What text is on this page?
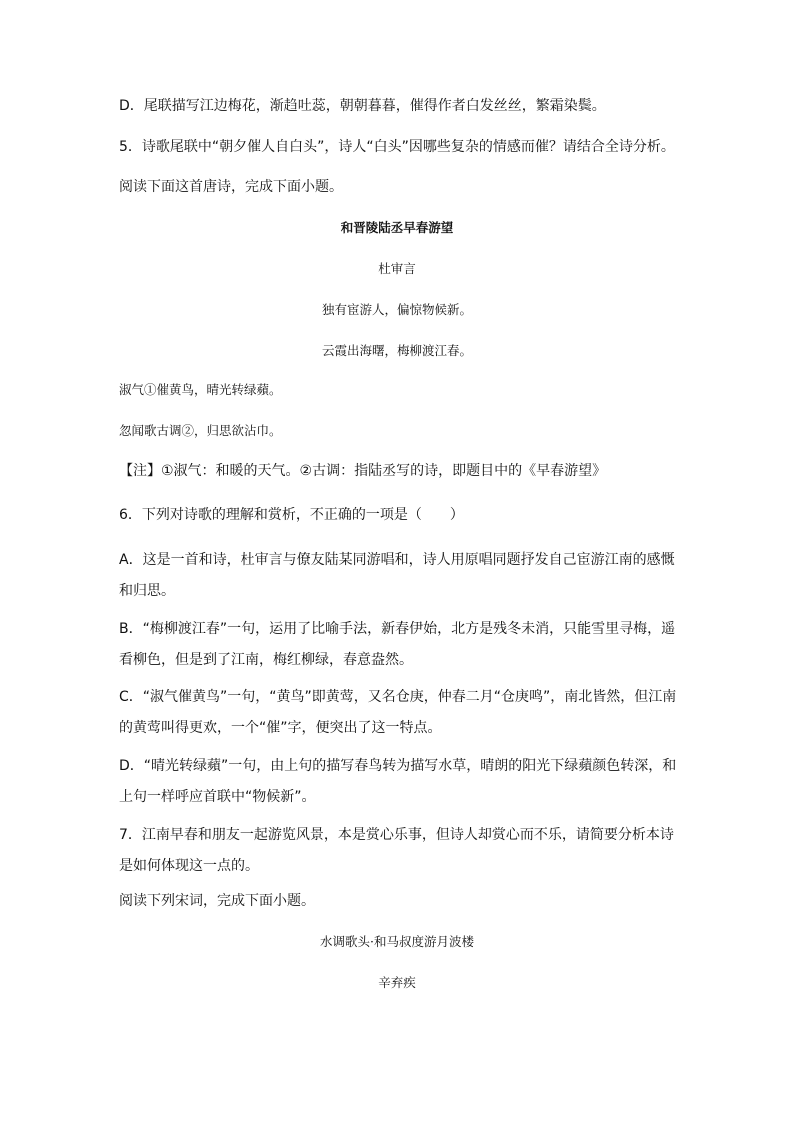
D．尾联描写江边梅花，渐趋吐蕊，朝朝暮暮，催得作者白发丝丝，繁霜染鬓。
5．诗歌尾联中“朝夕催人自白头”，诗人“白头”因哪些复杂的情感而催？请结合全诗分析。
阅读下面这首唐诗，完成下面小题。
和晋陵陆丞早春游望
杜审言
独有宦游人，偏惊物候新。
云霞出海曙，梅柳渡江春。
淑气①催黄鸟，晴光转绿蘋。
忽闻歌古调②，归思欲沾巾。
【注】①淑气：和暖的天气。②古调：指陆丞写的诗，即题目中的《早春游望》
6．下列对诗歌的理解和赏析，不正确的一项是（　　）
A．这是一首和诗，杜审言与僚友陆某同游唱和，诗人用原唱同题抒发自己宦游江南的感慨和归思。
B．“梅柳渡江春”一句，运用了比喻手法，新春伊始，北方是残冬未消，只能雪里寻梅，遥看柳色，但是到了江南，梅红柳绿，春意盎然。
C．“淑气催黄鸟”一句，“黄鸟”即黄莺，又名仓庚，仲春二月“仓庚鸣”，南北皆然，但江南的黄莺叫得更欢，一个“催”字，便突出了这一特点。
D．“晴光转绿蘋”一句，由上句的描写春鸟转为描写水草，晴朗的阳光下绿蘋颜色转深，和上句一样呼应首联中“物候新”。
7．江南早春和朋友一起游览风景，本是赏心乐事，但诗人却赏心而不乐，请简要分析本诗是如何体现这一点的。
阅读下列宋词，完成下面小题。
水调歌头·和马叔度游月波楼
辛弃疾
